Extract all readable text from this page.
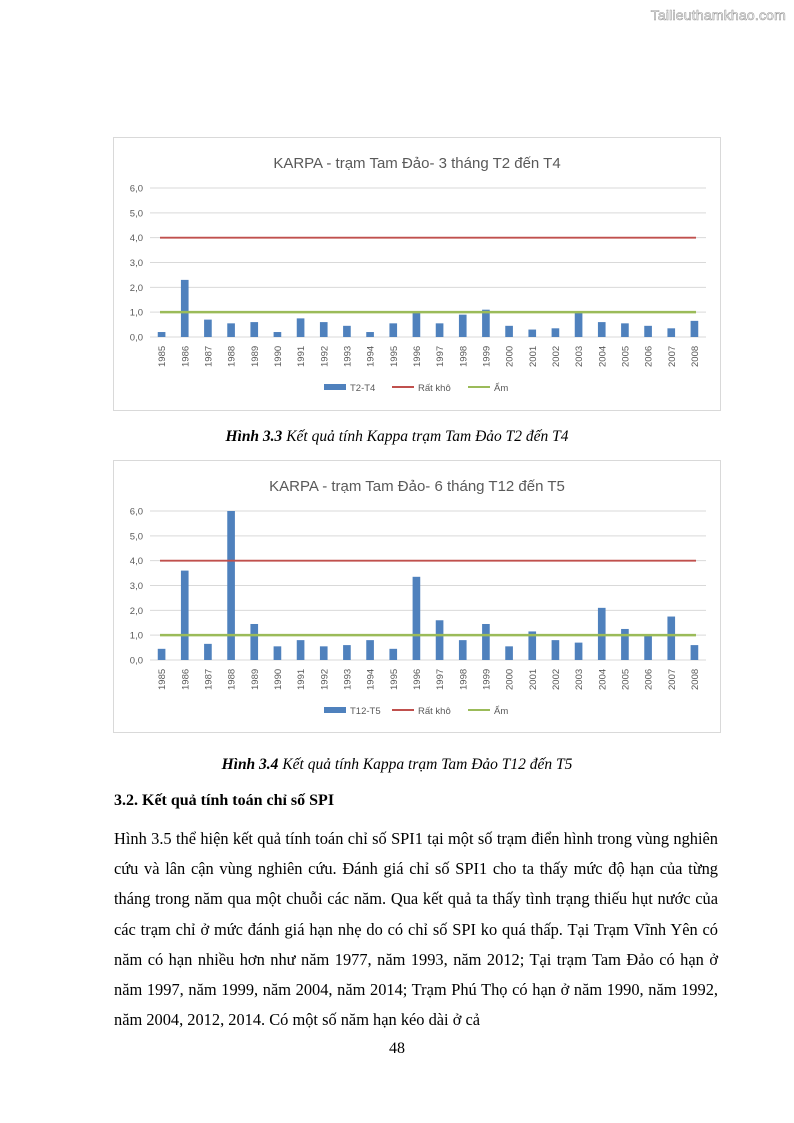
Tailieuthamkhao.com
KARPA - trạm Tam Đảo- 3 tháng T2 đến T4
0,0
1,0
2,0
3,0
4,0
5,0
6,0
1985 1986 1987 1988 1989 1990 1991 1992 1993 1994 1995 1996 1997 1998 1999 2000 2001 2002 2003 2004 2005 2006 2007 2008
T2-T4	Rất khô	Ẩm
Hình 3.3 Kết quả tính Kappa trạm Tam Đảo T2 đến T4
KARPA - trạm Tam Đảo- 6 tháng T12 đến T5
0,0
1,0
2,0
3,0
4,0
5,0
6,0
1985 1986 1987 1988 1989 1990 1991 1992 1993 1994 1995 1996 1997 1998 1999 2000 2001 2002 2003 2004 2005 2006 2007 2008
T12-T5	Rất khô	Ẩm
Hình 3.4 Kết quả tính Kappa trạm Tam Đảo T12 đến T5
3.2. Kết quả tính toán chỉ số SPI
Hình 3.5 thể hiện kết quả tính toán chỉ số SPI1 tại một số trạm điển hình trong vùng nghiên cứu và lân cận vùng nghiên cứu. Đánh giá chỉ số SPI1 cho ta thấy mức độ hạn của từng tháng trong năm qua một chuỗi các năm. Qua kết quả ta thấy tình trạng thiếu hụt nước của các trạm chỉ ở mức đánh giá hạn nhẹ do có chỉ số SPI ko quá thấp. Tại Trạm Vĩnh Yên có năm có hạn nhiều hơn như năm 1977, năm 1993, năm 2012; Tại trạm Tam Đảo có hạn ở năm 1997, năm 1999, năm 2004, năm 2014; Trạm Phú Thọ có hạn ở năm 1990, năm 1992, năm 2004, 2012, 2014. Có một số năm hạn kéo dài ở cả
48
